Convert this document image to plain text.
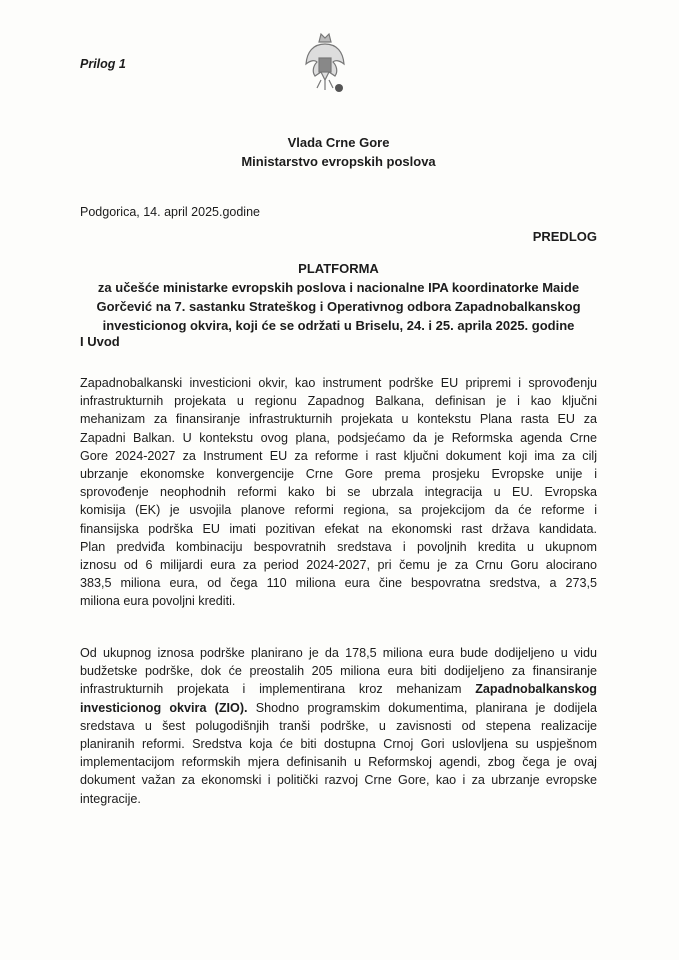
Prilog 1
Vlada Crne Gore
Ministarstvo evropskih poslova
Podgorica, 14. april 2025.godine
PREDLOG
PLATFORMA
za učešće ministarke evropskih poslova i nacionalne IPA koordinatorke Maide
Gorčević na 7. sastanku Strateškog i Operativnog odbora Zapadnobalkanskog
investicionog okvira, koji će se održati u Briselu, 24. i 25. aprila 2025. godine
I Uvod
Zapadnobalkanski investicioni okvir, kao instrument podrške EU pripremi i sprovođenju
infrastrukturnih projekata u regionu Zapadnog Balkana, definisan je i kao ključni
mehanizam za finansiranje infrastrukturnih projekata u kontekstu Plana rasta EU za
Zapadni Balkan. U kontekstu ovog plana, podsjećamo da je Reformska agenda Crne
Gore 2024-2027 za Instrument EU za reforme i rast ključni dokument koji ima za cilj
ubrzanje ekonomske konvergencije Crne Gore prema prosjeku Evropske unije i
sprovođenje neophodnih reformi kako bi se ubrzala integracija u EU. Evropska
komisija (EK) je usvojila planove reformi regiona, sa projekcijom da će reforme i
finansijska podrška EU imati pozitivan efekat na ekonomski rast država kandidata.
Plan predviđa kombinaciju bespovratnih sredstava i povoljnih kredita u ukupnom
iznosu od 6 milijardi eura za period 2024-2027, pri čemu je za Crnu Goru alocirano
383,5 miliona eura, od čega 110 miliona eura čine bespovratna sredstva, a 273,5
miliona eura povoljni krediti.
Od ukupnog iznosa podrške planirano je da 178,5 miliona eura bude dodijeljeno u vidu
budžetske podrške, dok će preostalih 205 miliona eura biti dodijeljeno za finansiranje
infrastrukturnih projekata i implementirana kroz mehanizam Zapadnobalkanskog
investicionog okvira (ZIO). Shodno programskim dokumentima, planirana je dodijela
sredstava u šest polugodišnjih tranši podrške, u zavisnosti od stepena realizacije
planiranih reformi. Sredstva koja će biti dostupna Crnoj Gori uslovljena su uspješnom
implementacijom reformskih mjera definisanih u Reformskoj agendi, zbog čega je ovaj
dokument važan za ekonomski i politički razvoj Crne Gore, kao i za ubrzanje evropske
integracije.
